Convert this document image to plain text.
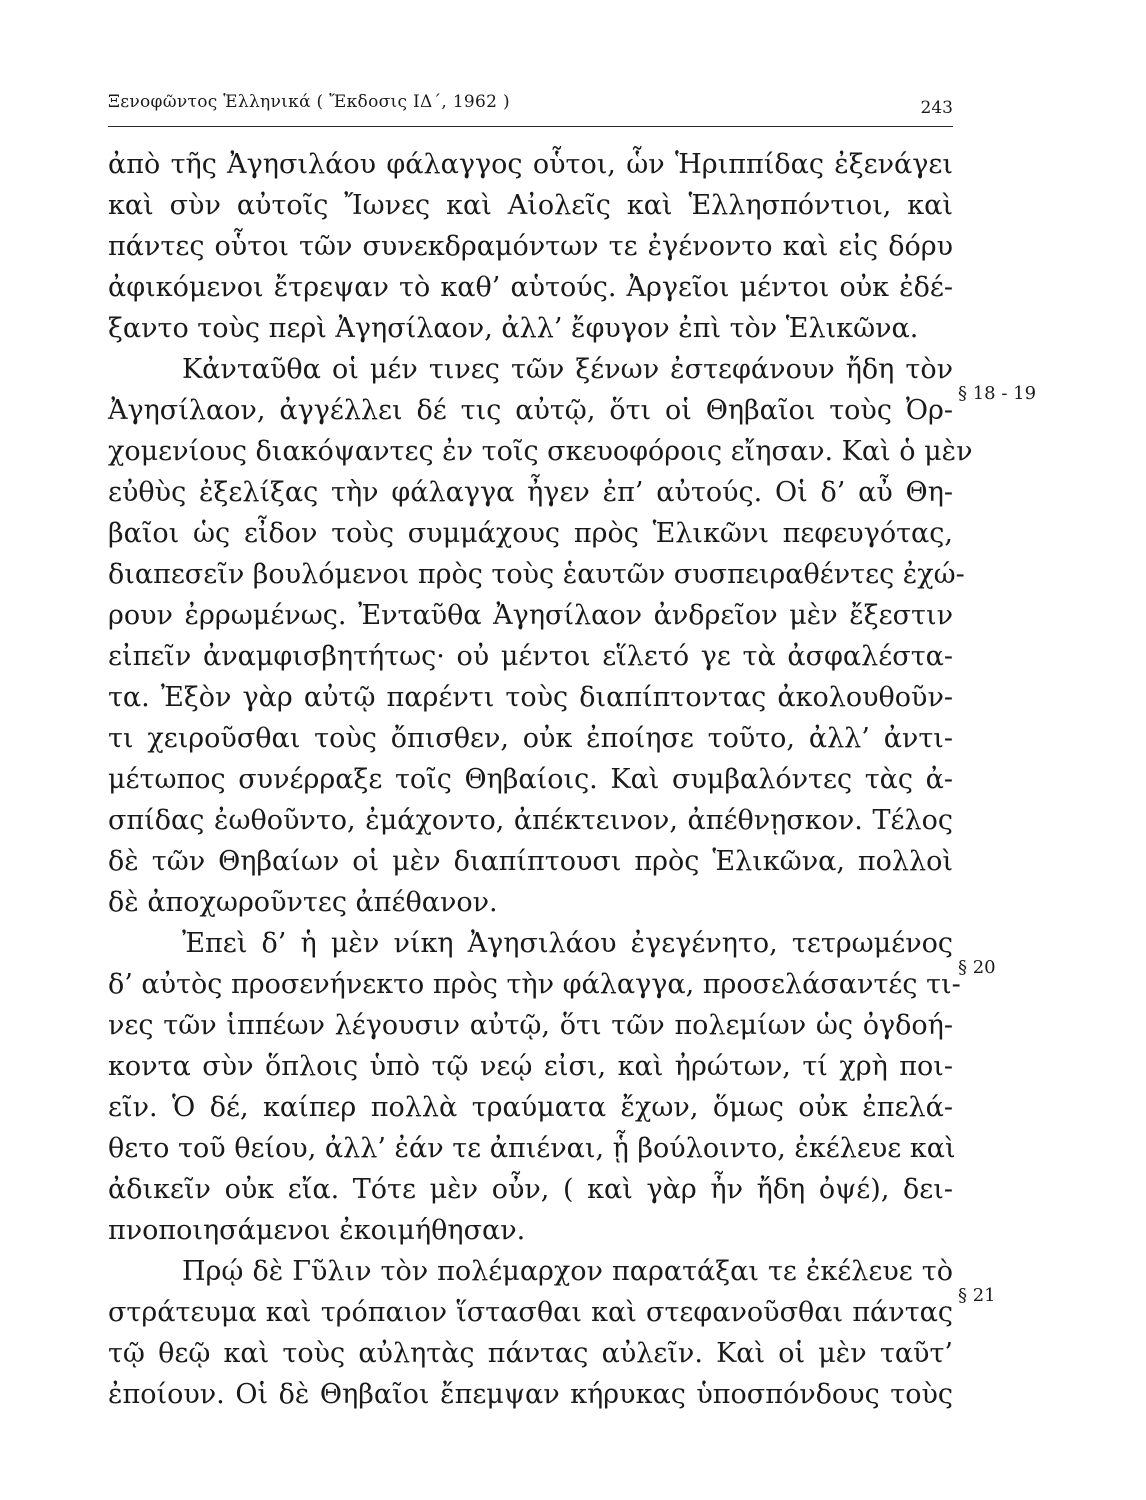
Ξενοφῶντος Ἑλληνικά ( Ἔκδοσις ΙΔ΄, 1962 )	243
ἀπὸ τῆς Ἀγησιλάου φάλαγγος οὗτοι, ὧν Ἡριππίδας ἐξενάγει
καὶ σὺν αὐτοῖς Ἴωνες καὶ Αἰολεῖς καὶ Ἑλλησπόντιοι, καὶ
πάντες οὗτοι τῶν συνεκδραμόντων τε ἐγένοντο καὶ εἰς δόρυ
ἀφικόμενοι ἔτρεψαν τὸ καθ’ αὑτούς. Ἀργεῖοι μέντοι οὐκ ἐδέ-
ξαντο τοὺς περὶ Ἀγησίλαον, ἀλλ’ ἔφυγον ἐπὶ τὸν Ἑλικῶνα.
Κἀνταῦθα οἱ μέν τινες τῶν ξένων ἐστεφάνουν ἤδη τὸν
Ἀγησίλαον, ἀγγέλλει δέ τις αὐτῷ, ὅτι οἱ Θηβαῖοι τοὺς Ὀρ-
χομενίους διακόψαντες ἐν τοῖς σκευοφόροις εἴησαν. Καὶ ὁ μὲν
εὐθὺς ἐξελίξας τὴν φάλαγγα ἦγεν ἐπ’ αὐτούς. Οἱ δ’ αὖ Θη-
βαῖοι ὡς εἶδον τοὺς συμμάχους πρὸς Ἑλικῶνι πεφευγότας,
διαπεσεῖν βουλόμενοι πρὸς τοὺς ἑαυτῶν συσπειραθέντες ἐχώ-
ρουν ἐρρωμένως. Ἐνταῦθα Ἀγησίλαον ἀνδρεῖον μὲν ἔξεστιν
εἰπεῖν ἀναμφισβητήτως· οὐ μέντοι εἵλετό γε τὰ ἀσφαλέστα-
τα. Ἐξὸν γὰρ αὐτῷ παρέντι τοὺς διαπίπτοντας ἀκολουθοῦν-
τι χειροῦσθαι τοὺς ὄπισθεν, οὐκ ἐποίησε τοῦτο, ἀλλ’ ἀντι-
μέτωπος συνέρραξε τοῖς Θηβαίοις. Καὶ συμβαλόντες τὰς ἀ-
σπίδας ἐωθοῦντο, ἐμάχοντο, ἀπέκτεινον, ἀπέθνῃσκον. Τέλος
δὲ τῶν Θηβαίων οἱ μὲν διαπίπτουσι πρὸς Ἑλικῶνα, πολλοὶ
δὲ ἀποχωροῦντες ἀπέθανον.
Ἐπεὶ δ’ ἡ μὲν νίκη Ἀγησιλάου ἐγεγένητο, τετρωμένος
δ’ αὐτὸς προσενήνεκτο πρὸς τὴν φάλαγγα, προσελάσαντές τι-
νες τῶν ἱππέων λέγουσιν αὐτῷ, ὅτι τῶν πολεμίων ὡς ὀγδοή-
κοντα σὺν ὅπλοις ὑπὸ τῷ νεῴ εἰσι, καὶ ἠρώτων, τί χρὴ ποι-
εῖν. Ὁ δέ, καίπερ πολλὰ τραύματα ἔχων, ὅμως οὐκ ἐπελά-
θετο τοῦ θείου, ἀλλ’ ἐάν τε ἀπιέναι, ᾗ βούλοιντο, ἐκέλευε καὶ
ἀδικεῖν οὐκ εἴα. Τότε μὲν οὖν, ( καὶ γὰρ ἦν ἤδη ὀψέ), δει-
πνοποιησάμενοι ἐκοιμήθησαν.
Πρῴ δὲ Γῦλιν τὸν πολέμαρχον παρατάξαι τε ἐκέλευε τὸ
στράτευμα καὶ τρόπαιον ἵστασθαι καὶ στεφανοῦσθαι πάντας
τῷ θεῷ καὶ τοὺς αὐλητὰς πάντας αὐλεῖν. Καὶ οἱ μὲν ταῦτ’
ἐποίουν. Οἱ δὲ Θηβαῖοι ἔπεμψαν κήρυκας ὑποσπόνδους τοὺς
§ 18 - 19
§ 20
§ 21
